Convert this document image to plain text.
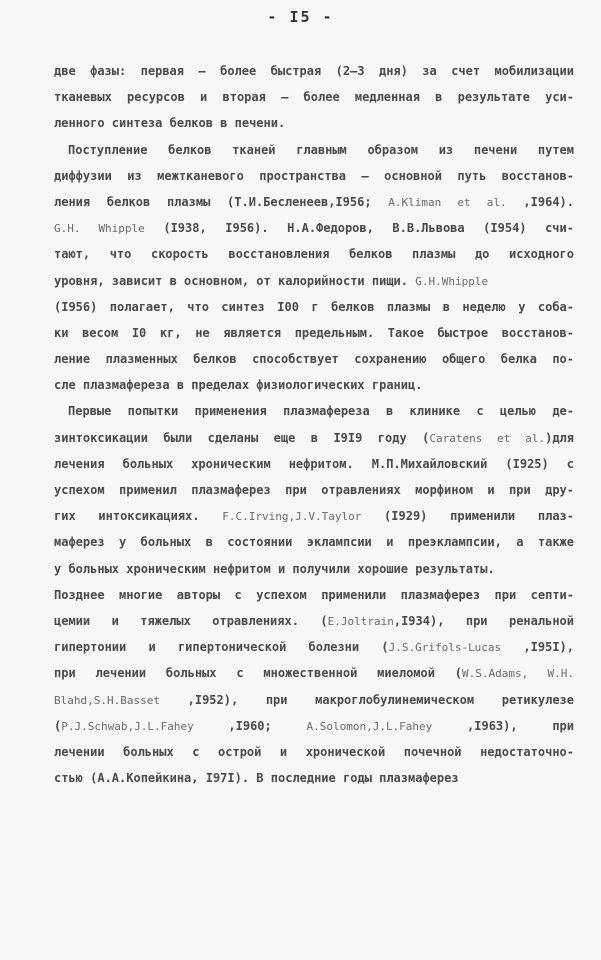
- I5 -
две фазы: первая – более быстрая (2–3 дня) за счет мобилизации
тканевых ресурсов и вторая – более медленная в результате уси-
ленного синтеза белков в печени.
Поступление белков тканей главным образом из печени путем
диффузии из межтканевого пространства – основной путь восстанов-
ления белков плазмы (Т.И.Бесленеев,I956; A.Kliman et al. ,I964).
G.H. Whipple (I938, I956). Н.А.Федоров, В.В.Львова (I954) счи-
тают, что скорость восстановления белков плазмы до исходного
уровня, зависит в основном, от калорийности пищи. G.H.Whipple
(I956) полагает, что синтез I00 г белков плазмы в неделю у соба-
ки весом I0 кг, не является предельным. Такое быстрое восстанов-
ление плазменных белков способствует сохранению общего белка по-
сле плазмафереза в пределах физиологических границ.
Первые попытки применения плазмафереза в клинике с целью де-
зинтоксикации были сделаны еще в I9I9 году (Caratens et al.)для
лечения больных хроническим нефритом. М.П.Михайловский (I925) с
успехом применил плазмаферез при отравлениях морфином и при дру-
гих интоксикациях. F.C.Irving,J.V.Taylor (I929) применили плаз-
маферез у больных в состоянии эклампсии и преэклампсии, а также
у больных хроническим нефритом и получили хорошие результаты.
Позднее многие авторы с успехом применили плазмаферез при септи-
цемии и тяжелых отравлениях. (E.Joltrain,I934), при ренальной
гипертонии и гипертонической болезни (J.S.Grifols-Lucas ,I95I),
при лечении больных с множественной миеломой (W.S.Adams, W.H.
Blahd,S.H.Basset ,I952), при макроглобулинемическом ретикулезе
(P.J.Schwab,J.L.Fahey ,I960; A.Solomon,J.L.Fahey ,I963), при
лечении больных с острой и хронической почечной недостаточно-
стью (А.А.Копейкина, I97I). В последние годы плазмаферез
